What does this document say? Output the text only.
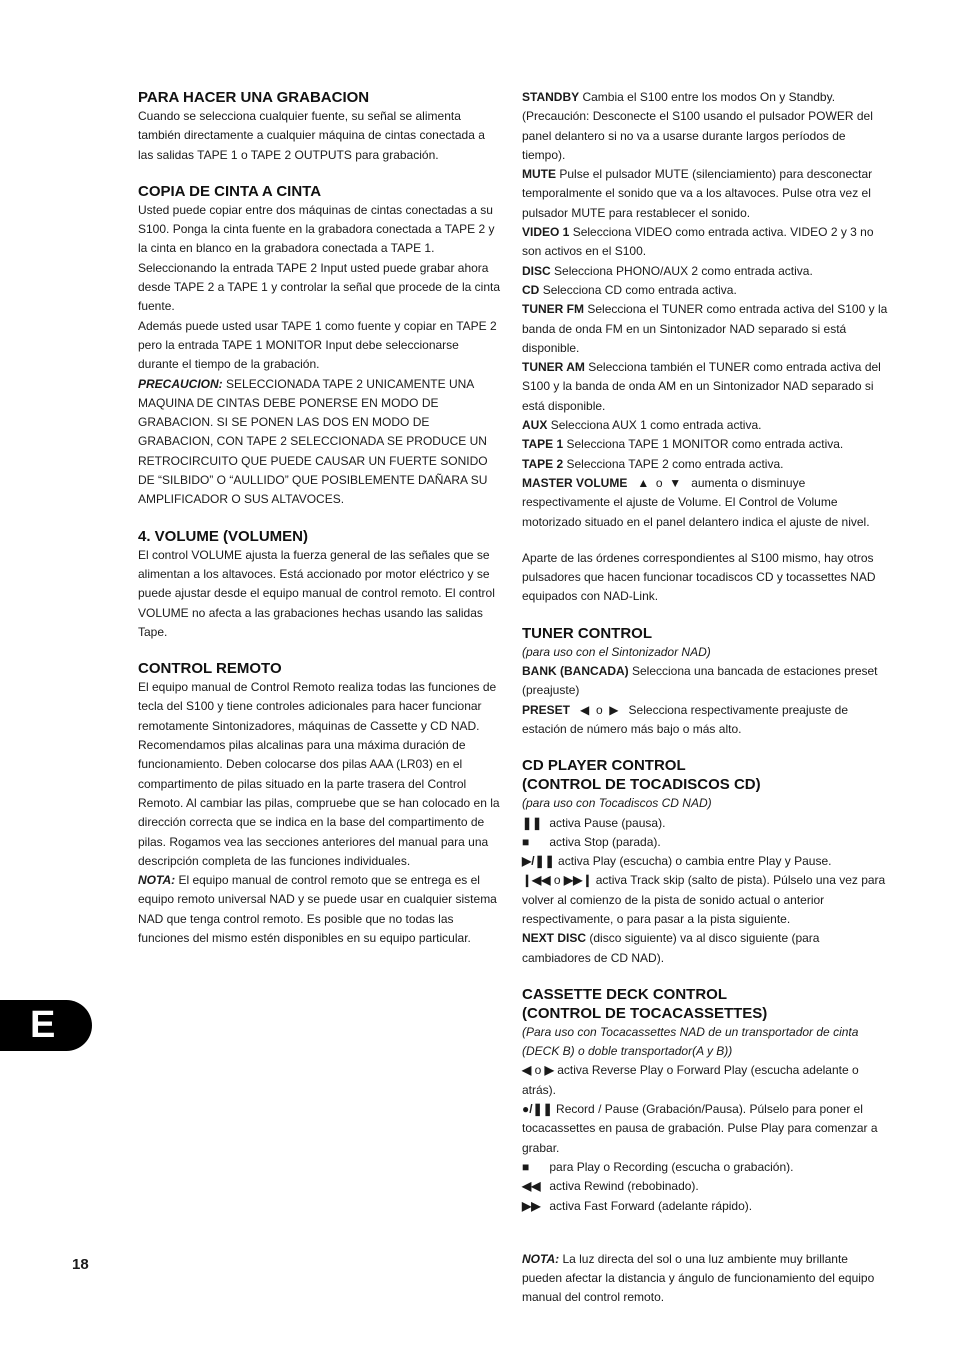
PARA HACER UNA GRABACION

Cuando se selecciona cualquier fuente, su señal se alimenta también directamente a cualquier máquina de cintas conectada a las salidas TAPE 1 o TAPE 2 OUTPUTS para grabación.

COPIA DE CINTA A CINTA

Usted puede copiar entre dos máquinas de cintas conectadas a su S100. Ponga la cinta fuente en la grabadora conectada a TAPE 2 y la cinta en blanco en la grabadora conectada a TAPE 1. Seleccionando la entrada TAPE 2 Input usted puede grabar ahora desde TAPE 2 a TAPE 1 y controlar la señal que procede de la cinta fuente.

Además puede usted usar TAPE 1 como fuente y copiar en TAPE 2 pero la entrada TAPE 1 MONITOR Input debe seleccionarse durante el tiempo de la grabación.

PRECAUCION: SELECCIONADA TAPE 2 UNICAMENTE UNA MAQUINA DE CINTAS DEBE PONERSE EN MODO DE GRABACION. SI SE PONEN LAS DOS EN MODO DE GRABACION, CON TAPE 2 SELECCIONADA SE PRODUCE UN RETROCIRCUITO QUE PUEDE CAUSAR UN FUERTE SONIDO DE “SILBIDO” O “AULLIDO” QUE POSIBLEMENTE DAÑARA SU AMPLIFICADOR O SUS ALTAVOCES.

4. VOLUME (VOLUMEN)

El control VOLUME ajusta la fuerza general de las señales que se alimentan a los altavoces. Está accionado por motor eléctrico y se puede ajustar desde el equipo manual de control remoto. El control VOLUME no afecta a las grabaciones hechas usando las salidas Tape.

CONTROL REMOTO

El equipo manual de Control Remoto realiza todas las funciones de tecla del S100 y tiene controles adicionales para hacer funcionar remotamente Sintonizadores, máquinas de Cassette y CD NAD. Recomendamos pilas alcalinas para una máxima duración de funcionamiento. Deben colocarse dos pilas AAA (LR03) en el compartimento de pilas situado en la parte trasera del Control Remoto. Al cambiar las pilas, compruebe que se han colocado en la dirección correcta que se indica en la base del compartimento de pilas. Rogamos vea las secciones anteriores del manual para una descripción completa de las funciones individuales.

NOTA: El equipo manual de control remoto que se entrega es el equipo remoto universal NAD y se puede usar en cualquier sistema NAD que tenga control remoto. Es posible que no todas las funciones del mismo estén disponibles en su equipo particular.

STANDBY Cambia el S100 entre los modos On y Standby. (Precaución: Desconecte el S100 usando el pulsador POWER del panel delantero si no va a usarse durante largos períodos de tiempo).

MUTE Pulse el pulsador MUTE (silenciamiento) para desconectar temporalmente el sonido que va a los altavoces. Pulse otra vez el pulsador MUTE para restablecer el sonido.

VIDEO 1 Selecciona VIDEO como entrada activa. VIDEO 2 y 3 no son activos en el S100.

DISC Selecciona PHONO/AUX 2 como entrada activa.

CD Selecciona CD como entrada activa.

TUNER FM Selecciona el TUNER como entrada activa del S100 y la banda de onda FM en un Sintonizador NAD separado si está disponible.

TUNER AM Selecciona también el TUNER como entrada activa del S100 y la banda de onda AM en un Sintonizador NAD separado si está disponible.

AUX Selecciona AUX 1 como entrada activa.

TAPE 1 Selecciona TAPE 1 MONITOR como entrada activa.

TAPE 2 Selecciona TAPE 2 como entrada activa.

MASTER VOLUME ▲ o ▼ aumenta o disminuye respectivamente el ajuste de Volume. El Control de Volume motorizado situado en el panel delantero indica el ajuste de nivel.

Aparte de las órdenes correspondientes al S100 mismo, hay otros pulsadores que hacen funcionar tocadiscos CD y tocassettes NAD equipados con NAD-Link.

TUNER CONTROL

(para uso con el Sintonizador NAD)

BANK (BANCADA) Selecciona una bancada de estaciones preset (preajuste)

PRESET ◀ o ▶ Selecciona respectivamente preajuste de estación de número más bajo o más alto.

CD PLAYER CONTROL
(CONTROL DE TOCADISCOS CD)

(para uso con Tocadiscos CD NAD)

❚❚ activa Pause (pausa).

■ activa Stop (parada).

▶/❚❚ activa Play (escucha) o cambia entre Play y Pause.

❙◀◀ o ▶▶❙ activa Track skip (salto de pista). Púlselo una vez para volver al comienzo de la pista de sonido actual o anterior respectivamente, o para pasar a la pista siguiente.

NEXT DISC (disco siguiente) va al disco siguiente (para cambiadores de CD NAD).

CASSETTE DECK CONTROL
(CONTROL DE TOCACASSETTES)

(Para uso con Tocacassettes NAD de un transportador de cinta (DECK B) o doble transportador(A y B))

◀ o ▶ activa Reverse Play o Forward Play (escucha adelante o atrás).

●/❚❚ Record / Pause (Grabación/Pausa). Púlselo para poner el tocacassettes en pausa de grabación. Pulse Play para comenzar a grabar.

■ para Play o Recording (escucha o grabación).

◀◀ activa Rewind (rebobinado).

▶▶ activa Fast Forward (adelante rápido).

NOTA: La luz directa del sol o una luz ambiente muy brillante pueden afectar la distancia y ángulo de funcionamiento del equipo manual del control remoto.

E
18
